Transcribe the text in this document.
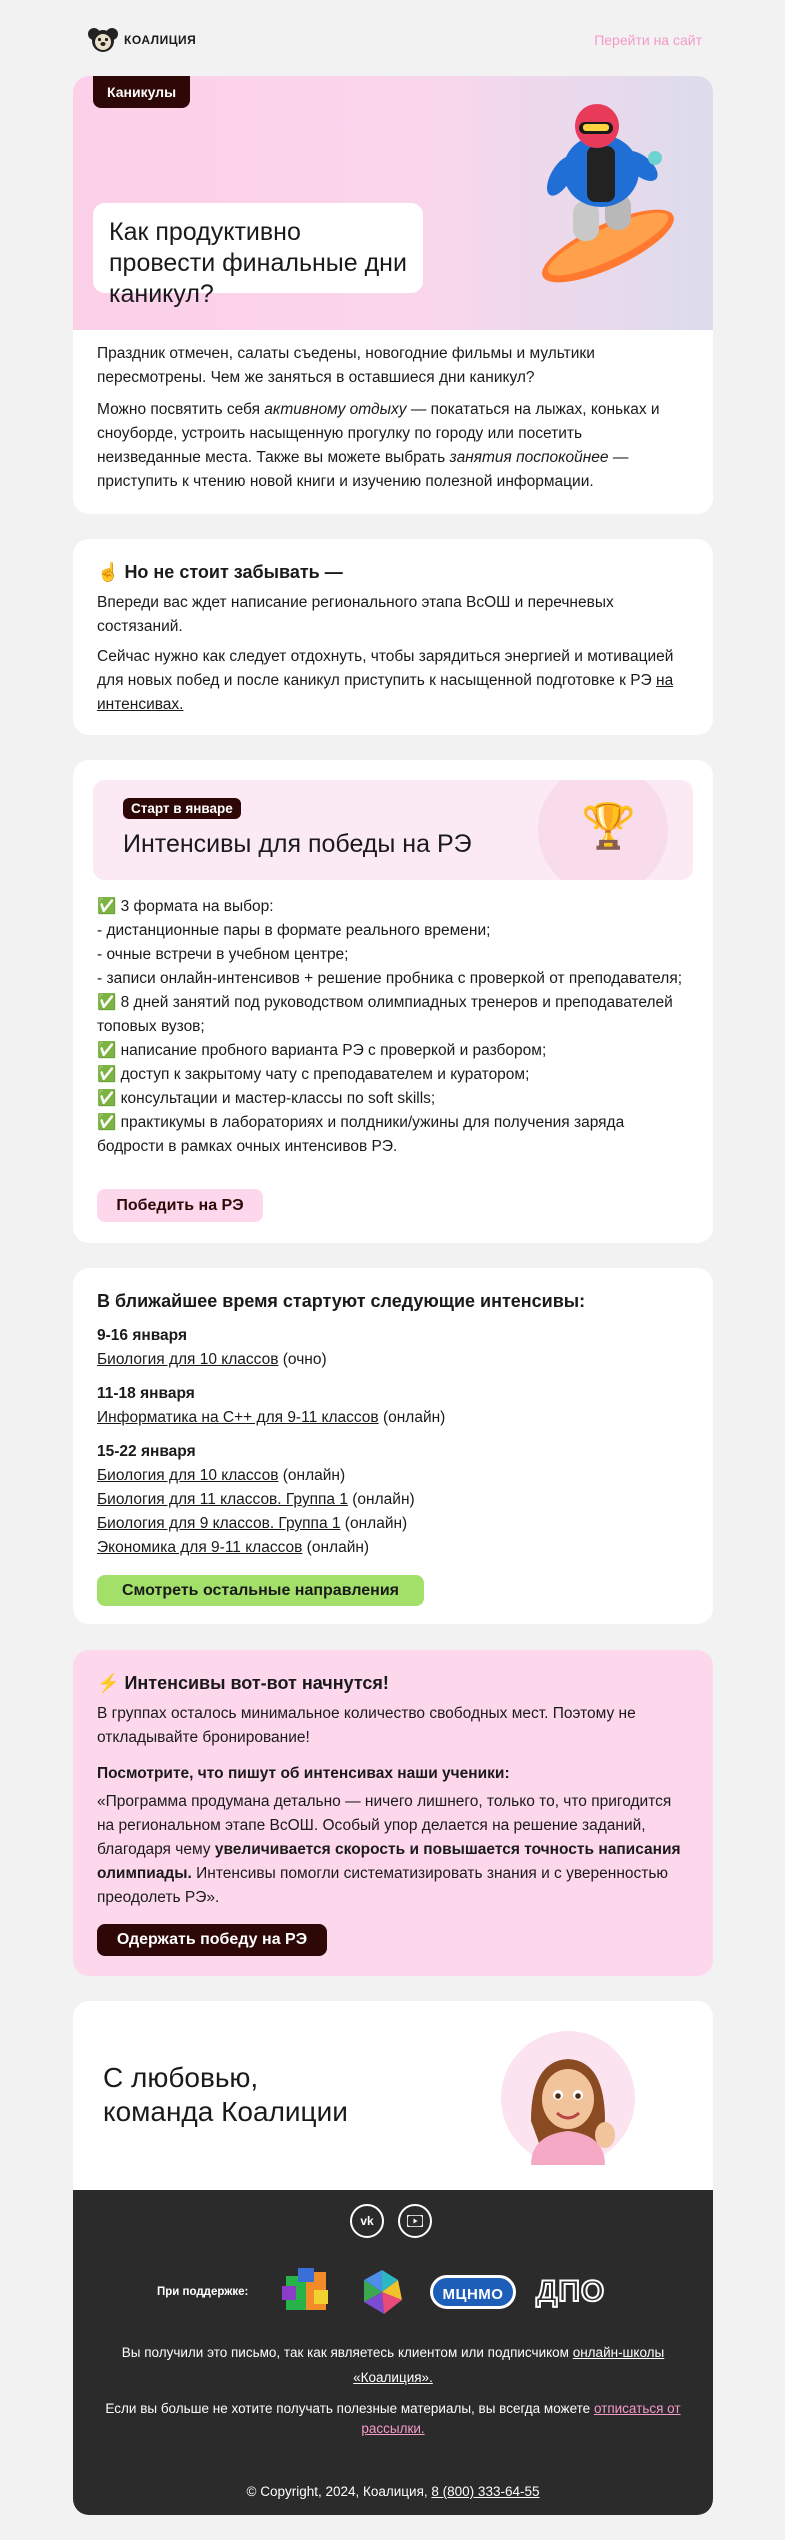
КОАЛИЦИЯ	Перейти на сайт
Каникулы
Как продуктивно провести финальные дни каникул?

Праздник отмечен, салаты съедены, новогодние фильмы и мультики пересмотрены. Чем же заняться в оставшиеся дни каникул?

Можно посвятить себя активному отдыху — покататься на лыжах, коньках и сноуборде, устроить насыщенную прогулку по городу или посетить неизведанные места. Также вы можете выбрать занятия поспокойнее — приступить к чтению новой книги и изучению полезной информации.

☝️ Но не стоит забывать —

Впереди вас ждет написание регионального этапа ВсОШ и перечневых состязаний.

Сейчас нужно как следует отдохнуть, чтобы зарядиться энергией и мотивацией для новых побед и после каникул приступить к насыщенной подготовке к РЭ на интенсивах.

Старт в январе
Интенсивы для победы на РЭ 🏆

✅ 3 формата на выбор:

- дистанционные пары в формате реального времени;

- очные встречи в учебном центре;

- записи онлайн-интенсивов + решение пробника с проверкой от преподавателя;

✅ 8 дней занятий под руководством олимпиадных тренеров и преподавателей топовых вузов;

✅ написание пробного варианта РЭ с проверкой и разбором;

✅ доступ к закрытому чату с преподавателем и куратором;

✅ консультации и мастер-классы по soft skills;

✅ практикумы в лабораториях и полдники/ужины для получения заряда бодрости в рамках очных интенсивов РЭ.

Победить на РЭ
В ближайшее время стартуют следующие интенсивы:

9-16 января

Биология для 10 классов (очно)

11-18 января

Информатика на С++ для 9-11 классов (онлайн)

15-22 января

Биология для 10 классов (онлайн)

Биология для 11 классов. Группа 1 (онлайн)

Биология для 9 классов. Группа 1 (онлайн)

Экономика для 9-11 классов (онлайн)

Смотреть остальные направления
⚡ Интенсивы вот-вот начнутся!

В группах осталось минимальное количество свободных мест. Поэтому не откладывайте бронирование!

Посмотрите, что пишут об интенсивах наши ученики:

«Программа продумана детально — ничего лишнего, только то, что пригодится на региональном этапе ВсОШ. Особый упор делается на решение заданий, благодаря чему увеличивается скорость и повышается точность написания олимпиады. Интенсивы помогли систематизировать знания и с уверенностью преодолеть РЭ».

Одержать победу на РЭ
С любовью,
команда Коалиции
vk
При поддержке:	МЦНМО	ДПО

Вы получили это письмо, так как являетесь клиентом или подписчиком онлайн-школы «Коалиция».

Если вы больше не хотите получать полезные материалы, вы всегда можете отписаться от рассылки.

© Copyright, 2024, Коалиция, 8 (800) 333-64-55
